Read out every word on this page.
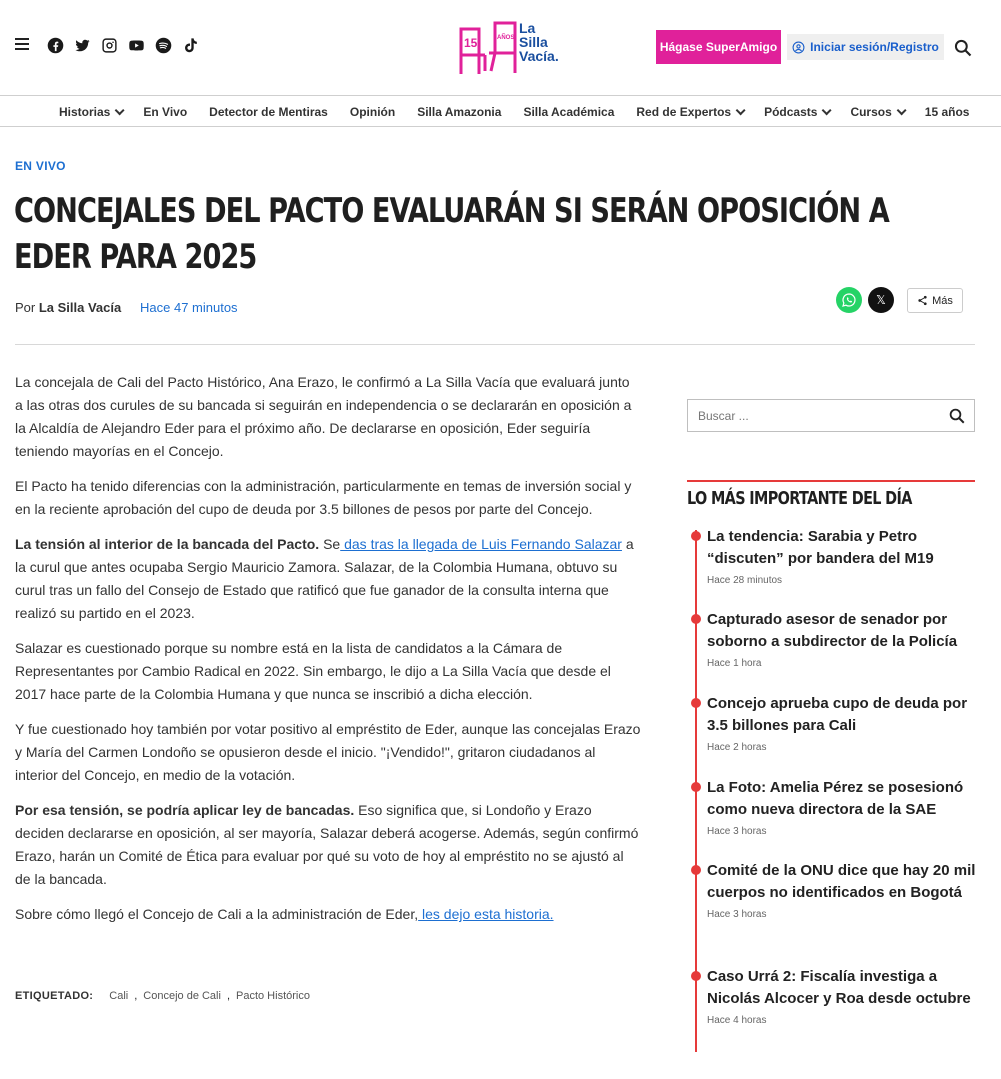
15	AÑOS
La
Silla
Vacía.
Hágase SuperAmigo	Iniciar sesión/Registro
Historias	En Vivo Detector de Mentiras Opinión Silla Amazonia Silla Académica Red de Expertos	Pódcasts	Cursos	15 años
EN VIVO
CONCEJALES DEL PACTO EVALUARÁN SI SERÁN OPOSICIÓN A EDER PARA 2025
Por La Silla Vacía Hace 47 minutos	𝕏	Más

La concejala de Cali del Pacto Histórico, Ana Erazo, le confirmó a La Silla Vacía que evaluará junto a las otras dos curules de su bancada si seguirán en independencia o se declararán en oposición a la Alcaldía de Alejandro Eder para el próximo año. De declararse en oposición, Eder seguiría teniendo mayorías en el Concejo.

El Pacto ha tenido diferencias con la administración, particularmente en temas de inversión social y en la reciente aprobación del cupo de deuda por 3.5 billones de pesos por parte del Concejo.

La tensión al interior de la bancada del Pacto. Se das tras la llegada de Luis Fernando Salazar a la curul que antes ocupaba Sergio Mauricio Zamora. Salazar, de la Colombia Humana, obtuvo su curul tras un fallo del Consejo de Estado que ratificó que fue ganador de la consulta interna que realizó su partido en el 2023.

Salazar es cuestionado porque su nombre está en la lista de candidatos a la Cámara de Representantes por Cambio Radical en 2022. Sin embargo, le dijo a La Silla Vacía que desde el 2017 hace parte de la Colombia Humana y que nunca se inscribió a dicha elección.

Y fue cuestionado hoy también por votar positivo al empréstito de Eder, aunque las concejalas Erazo y María del Carmen Londoño se opusieron desde el inicio. "¡Vendido!", gritaron ciudadanos al interior del Concejo, en medio de la votación.

Por esa tensión, se podría aplicar ley de bancadas. Eso significa que, si Londoño y Erazo deciden declararse en oposición, al ser mayoría, Salazar deberá acogerse. Además, según confirmó Erazo, harán un Comité de Ética para evaluar por qué su voto de hoy al empréstito no se ajustó al de la bancada.

Sobre cómo llegó el Concejo de Cali a la administración de Eder, les dejo esta historia.

ETIQUETADO: Cali , Concejo de Cali , Pacto Histórico
Buscar ...
LO MÁS IMPORTANTE DEL DÍA
La tendencia: Sarabia y Petro “discuten” por bandera del M19
Hace 28 minutos
Capturado asesor de senador por soborno a subdirector de la Policía
Hace 1 hora
Concejo aprueba cupo de deuda por 3.5 billones para Cali
Hace 2 horas
La Foto: Amelia Pérez se posesionó como nueva directora de la SAE
Hace 3 horas
Comité de la ONU dice que hay 20 mil cuerpos no identificados en Bogotá
Hace 3 horas
Caso Urrá 2: Fiscalía investiga a Nicolás Alcocer y Roa desde octubre
Hace 4 horas
